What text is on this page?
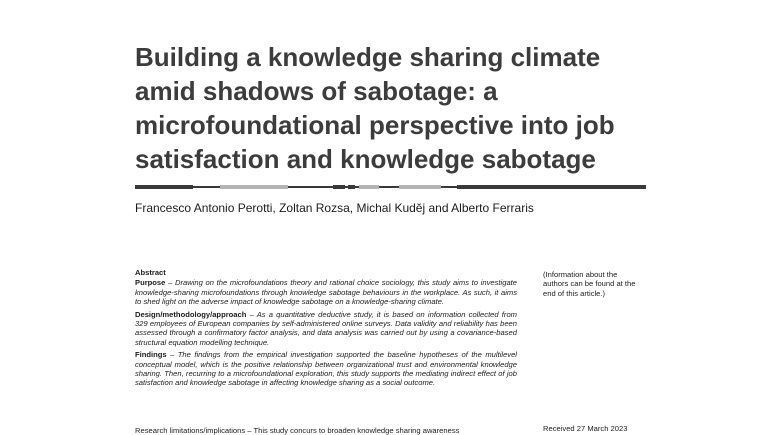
Building a knowledge sharing climate
amid shadows of sabotage: a
microfoundational perspective into job
satisfaction and knowledge sabotage
Francesco Antonio Perotti, Zoltan Rozsa, Michal Kudĕj and Alberto Ferraris
Abstract

Purpose – Drawing on the microfoundations theory and rational choice sociology, this study aims to investigate knowledge-sharing microfoundations through knowledge sabotage behaviours in the workplace. As such, it aims to shed light on the adverse impact of knowledge sabotage on a knowledge-sharing climate.

Design/methodology/approach – As a quantitative deductive study, it is based on information collected from 329 employees of European companies by self-administered online surveys. Data validity and reliability has been assessed through a confirmatory factor analysis, and data analysis was carried out by using a covariance-based structural equation modelling technique.

Findings – The findings from the empirical investigation supported the baseline hypotheses of the multilevel conceptual model, which is the positive relationship between organizational trust and environmental knowledge sharing. Then, recurring to a microfoundational exploration, this study supports the mediating indirect effect of job satisfaction and knowledge sabotage in affecting knowledge sharing as a social outcome.

Research limitations/implications – This study concurs to broaden knowledge sharing awareness
(Information about the
authors can be found at the
end of this article.)
Received 27 March 2023
